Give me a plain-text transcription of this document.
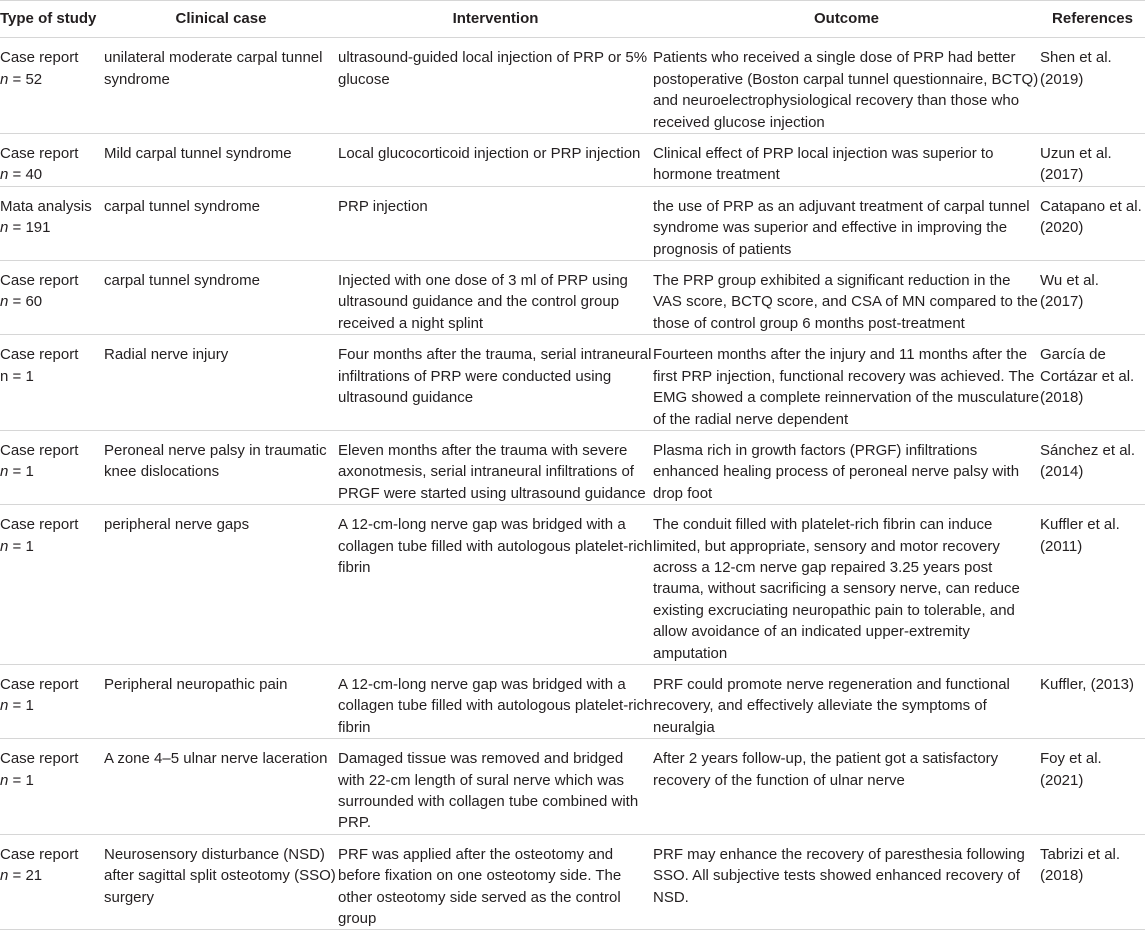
Type of study	Clinical case	Intervention	Outcome	References

Case report
n = 52	unilateral moderate carpal tunnel syndrome	ultrasound-guided local injection of PRP or 5% glucose	Patients who received a single dose of PRP had better postoperative (Boston carpal tunnel questionnaire, BCTQ) and neuroelectrophysiological recovery than those who received glucose injection	Shen et al. (2019)

Case report
n = 40	Mild carpal tunnel syndrome	Local glucocorticoid injection or PRP injection	Clinical effect of PRP local injection was superior to hormone treatment	Uzun et al. (2017)

Mata analysis
n = 191	carpal tunnel syndrome	PRP injection	the use of PRP as an adjuvant treatment of carpal tunnel syndrome was superior and effective in improving the prognosis of patients	Catapano et al. (2020)

Case report
n = 60	carpal tunnel syndrome	Injected with one dose of 3 ml of PRP using ultrasound guidance and the control group received a night splint	The PRP group exhibited a significant reduction in the VAS score, BCTQ score, and CSA of MN compared to the those of control group 6 months post-treatment	Wu et al. (2017)

Case report
n = 1	Radial nerve injury	Four months after the trauma, serial intraneural infiltrations of PRP were conducted using ultrasound guidance	Fourteen months after the injury and 11 months after the first PRP injection, functional recovery was achieved. The EMG showed a complete reinnervation of the musculature of the radial nerve dependent	García de Cortázar et al. (2018)

Case report
n = 1	Peroneal nerve palsy in traumatic knee dislocations	Eleven months after the trauma with severe axonotmesis, serial intraneural infiltrations of PRGF were started using ultrasound guidance	Plasma rich in growth factors (PRGF) infiltrations enhanced healing process of peroneal nerve palsy with drop foot	Sánchez et al. (2014)

Case report
n = 1	peripheral nerve gaps	A 12-cm-long nerve gap was bridged with a collagen tube filled with autologous platelet-rich fibrin	The conduit filled with platelet-rich fibrin can induce limited, but appropriate, sensory and motor recovery across a 12-cm nerve gap repaired 3.25 years post trauma, without sacrificing a sensory nerve, can reduce existing excruciating neuropathic pain to tolerable, and allow avoidance of an indicated upper-extremity amputation	Kuffler et al. (2011)

Case report
n = 1	Peripheral neuropathic pain	A 12-cm-long nerve gap was bridged with a collagen tube filled with autologous platelet-rich fibrin	PRF could promote nerve regeneration and functional recovery, and effectively alleviate the symptoms of neuralgia	Kuffler, (2013)

Case report
n = 1	A zone 4–5 ulnar nerve laceration	Damaged tissue was removed and bridged with 22-cm length of sural nerve which was surrounded with collagen tube combined with PRP.	After 2 years follow-up, the patient got a satisfactory recovery of the function of ulnar nerve	Foy et al. (2021)

Case report
n = 21	Neurosensory disturbance (NSD) after sagittal split osteotomy (SSO) surgery	PRF was applied after the osteotomy and before fixation on one osteotomy side. The other osteotomy side served as the control group	PRF may enhance the recovery of paresthesia following SSO. All subjective tests showed enhanced recovery of NSD.	Tabrizi et al. (2018)
